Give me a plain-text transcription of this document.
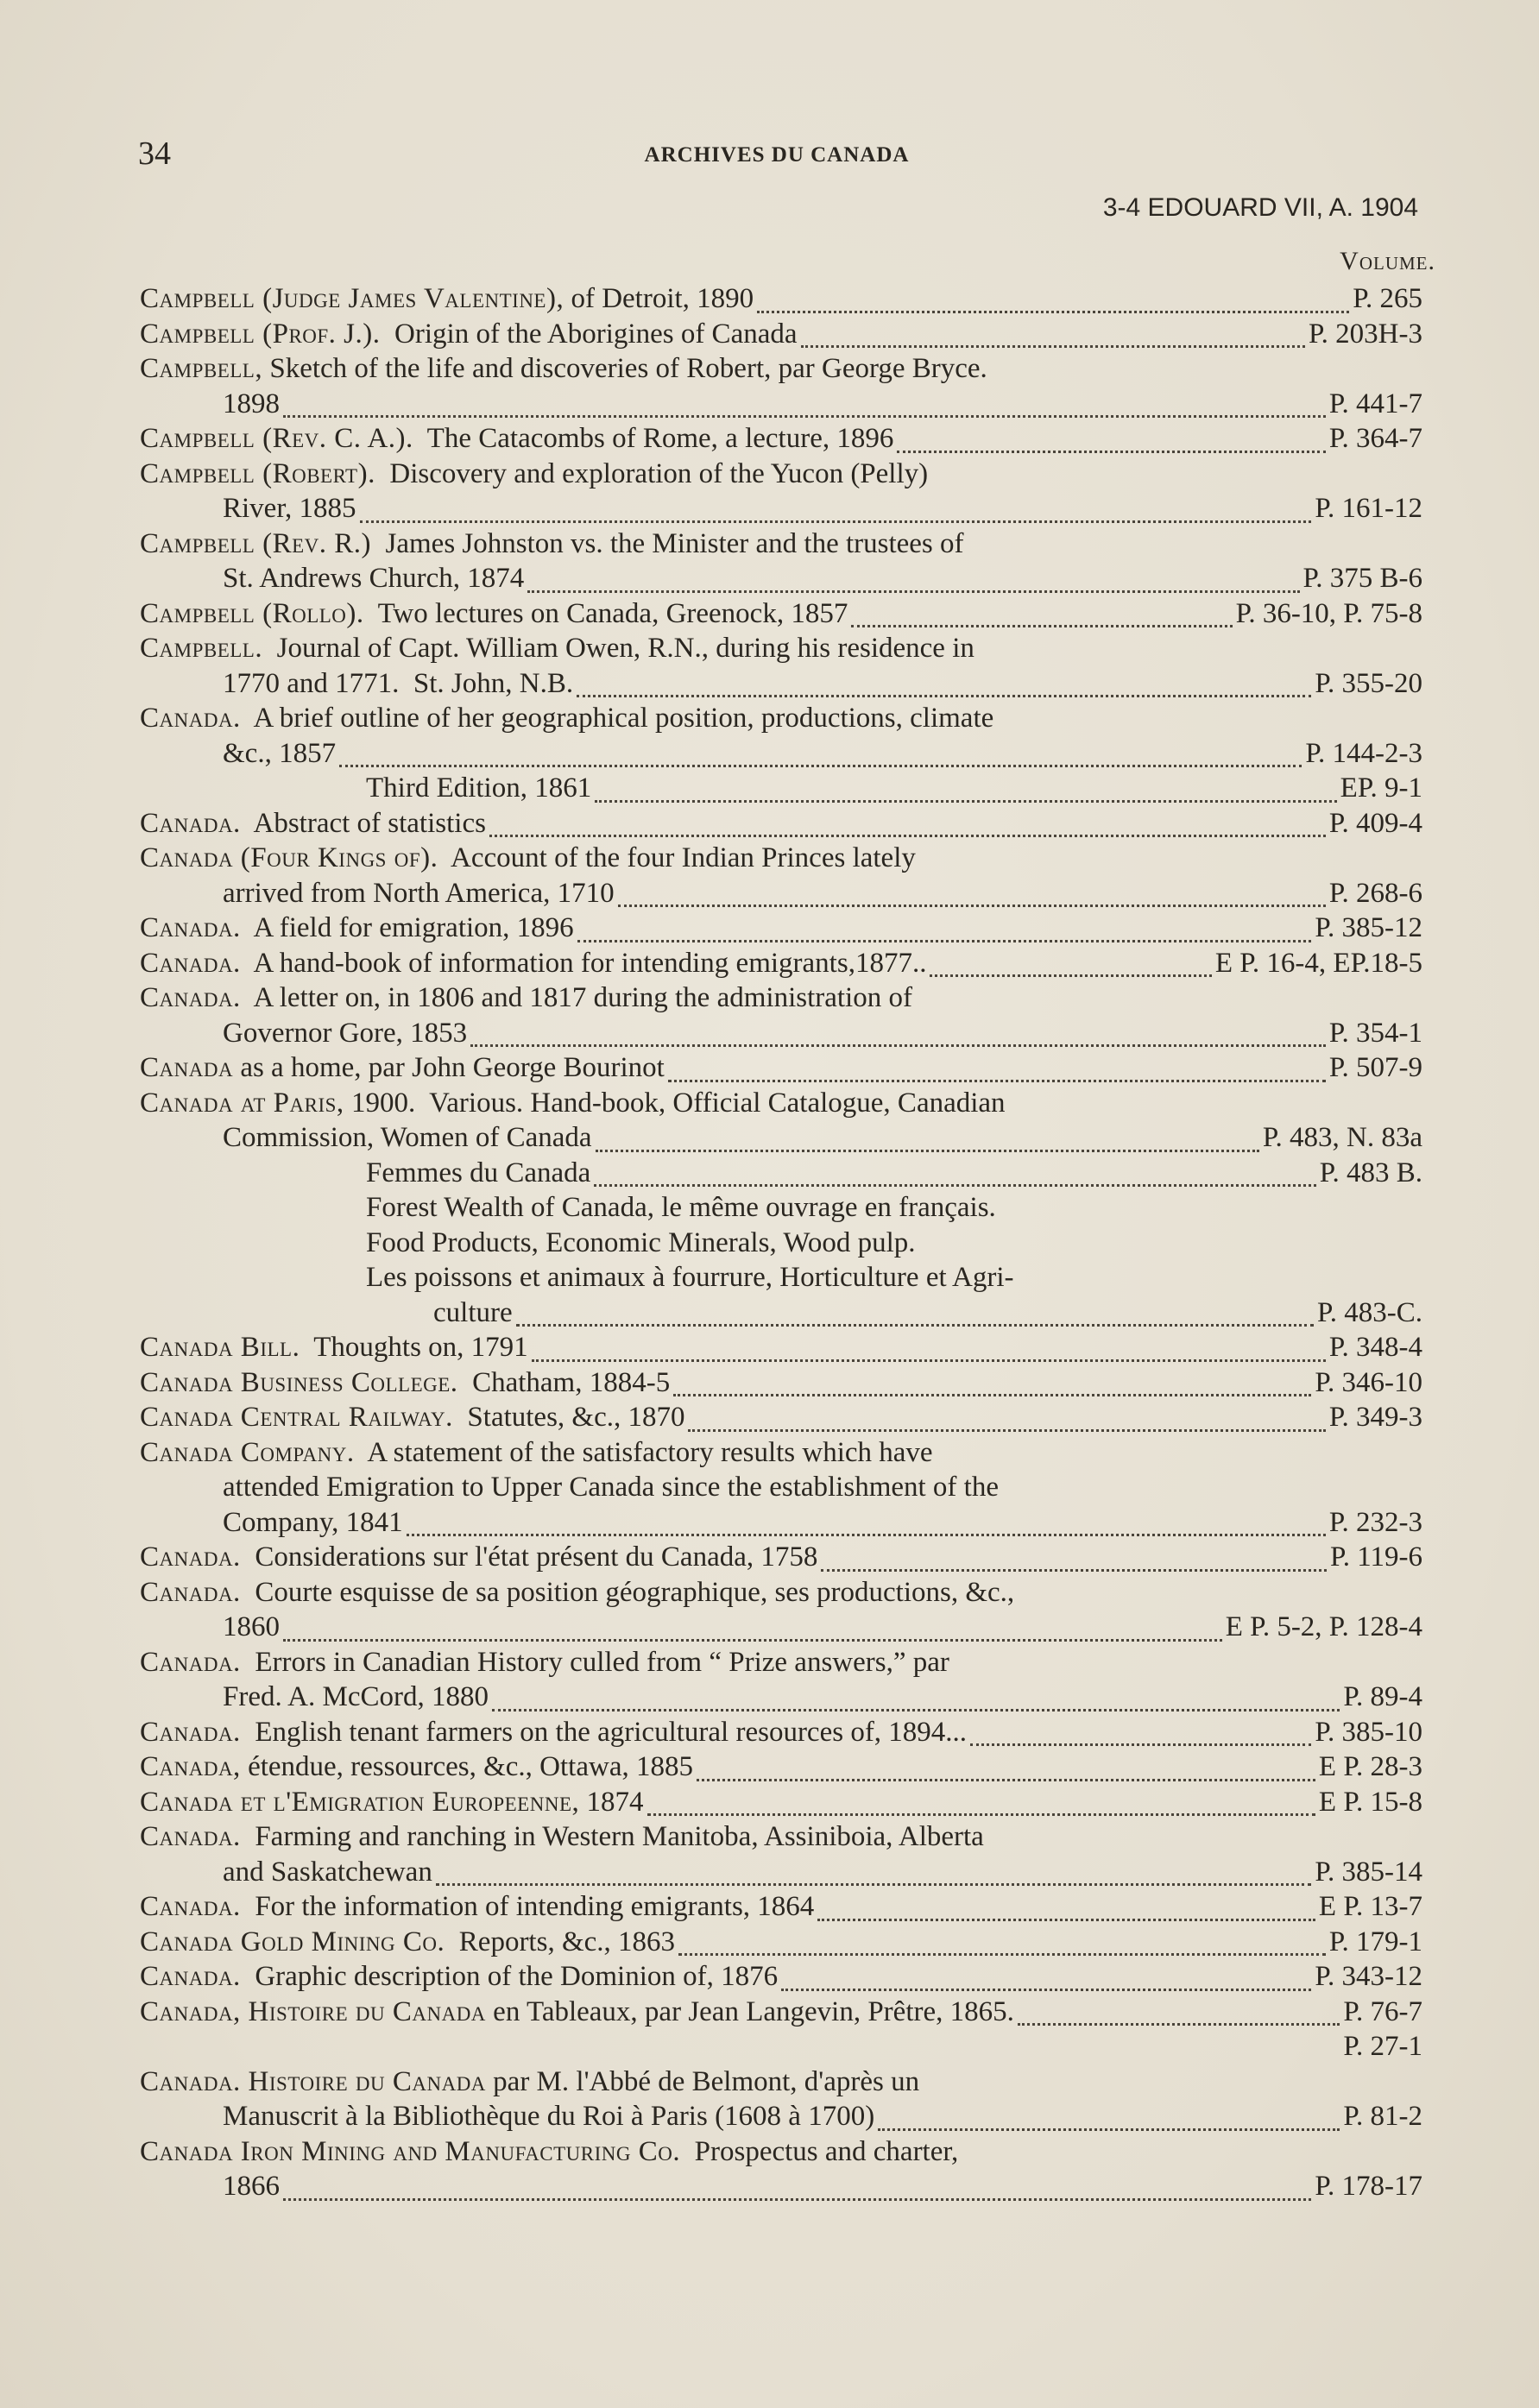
34	ARCHIVES DU CANADA
3-4 EDOUARD VII, A. 1904
Volume.
Campbell (Judge James Valentine), of Detroit, 1890	P. 265
Campbell (Prof. J.).  Origin of the Aborigines of Canada	P. 203H-3
Campbell, Sketch of the life and discoveries of Robert, par George Bryce.
1898	P. 441-7
Campbell (Rev. C. A.).  The Catacombs of Rome, a lecture, 1896	P. 364-7
Campbell (Robert).  Discovery and exploration of the Yucon (Pelly)
River, 1885	P. 161-12
Campbell (Rev. R.)  James Johnston vs. the Minister and the trustees of
St. Andrews Church, 1874	P. 375 B-6
Campbell (Rollo).  Two lectures on Canada, Greenock, 1857	P. 36-10, P. 75-8
Campbell.  Journal of Capt. William Owen, R.N., during his residence in
1770 and 1771.  St. John, N.B.	P. 355-20
Canada.  A brief outline of her geographical position, productions, climate
&c., 1857	P. 144-2-3
Third Edition, 1861	EP. 9-1
Canada.  Abstract of statistics	P. 409-4
Canada (Four Kings of).  Account of the four Indian Princes lately
arrived from North America, 1710	P. 268-6
Canada.  A field for emigration, 1896	P. 385-12
Canada.  A hand-book of information for intending emigrants,1877..	E P. 16-4, EP.18-5
Canada.  A letter on, in 1806 and 1817 during the administration of
Governor Gore, 1853	P. 354-1
Canada as a home, par John George Bourinot	P. 507-9
Canada at Paris, 1900.  Various. Hand-book, Official Catalogue, Canadian
Commission, Women of Canada	P. 483, N. 83a
Femmes du Canada	P. 483 B.
Forest Wealth of Canada, le même ouvrage en français.
Food Products, Economic Minerals, Wood pulp.
Les poissons et animaux à fourrure, Horticulture et Agri-
culture	P. 483-C.
Canada Bill.  Thoughts on, 1791	P. 348-4
Canada Business College.  Chatham, 1884-5	P. 346-10
Canada Central Railway.  Statutes, &c., 1870	P. 349-3
Canada Company.  A statement of the satisfactory results which have
attended Emigration to Upper Canada since the establishment of the
Company, 1841	P. 232-3
Canada.  Considerations sur l'état présent du Canada, 1758	P. 119-6
Canada.  Courte esquisse de sa position géographique, ses productions, &c.,
1860	E P. 5-2, P. 128-4
Canada.  Errors in Canadian History culled from “ Prize answers,” par
Fred. A. McCord, 1880	P. 89-4
Canada.  English tenant farmers on the agricultural resources of, 1894...	P. 385-10
Canada, étendue, ressources, &c., Ottawa, 1885	E P. 28-3
Canada et l'Emigration Europeenne, 1874	E P. 15-8
Canada.  Farming and ranching in Western Manitoba, Assiniboia, Alberta
and Saskatchewan	P. 385-14
Canada.  For the information of intending emigrants, 1864	E P. 13-7
Canada Gold Mining Co.  Reports, &c., 1863	P. 179-1
Canada.  Graphic description of the Dominion of, 1876	P. 343-12
Canada, Histoire du Canada en Tableaux, par Jean Langevin, Prêtre, 1865.	P. 76-7
P. 27-1
Canada. Histoire du Canada par M. l'Abbé de Belmont, d'après un
Manuscrit à la Bibliothèque du Roi à Paris (1608 à 1700)	P. 81-2
Canada Iron Mining and Manufacturing Co.  Prospectus and charter,
1866	P. 178-17
